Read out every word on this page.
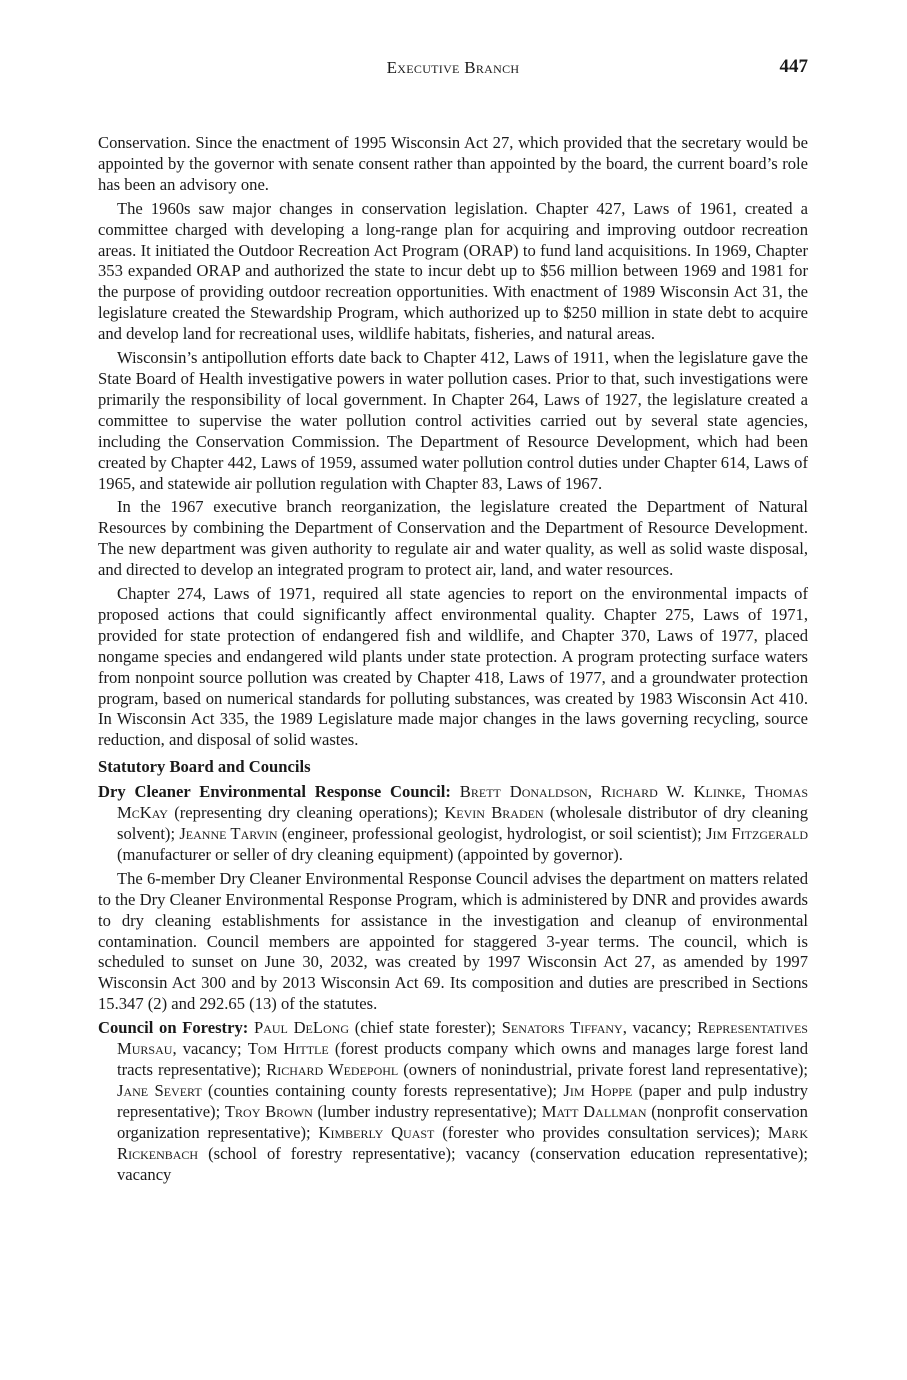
Executive Branch	447

Conservation. Since the enactment of 1995 Wisconsin Act 27, which provided that the secretary would be appointed by the governor with senate consent rather than appointed by the board, the current board’s role has been an advisory one.

The 1960s saw major changes in conservation legislation. Chapter 427, Laws of 1961, created a committee charged with developing a long-range plan for acquiring and improving outdoor recreation areas. It initiated the Outdoor Recreation Act Program (ORAP) to fund land acquisitions. In 1969, Chapter 353 expanded ORAP and authorized the state to incur debt up to $56 million between 1969 and 1981 for the purpose of providing outdoor recreation opportunities. With enactment of 1989 Wisconsin Act 31, the legislature created the Stewardship Program, which authorized up to $250 million in state debt to acquire and develop land for recreational uses, wildlife habitats, fisheries, and natural areas.

Wisconsin’s antipollution efforts date back to Chapter 412, Laws of 1911, when the legislature gave the State Board of Health investigative powers in water pollution cases. Prior to that, such investigations were primarily the responsibility of local government. In Chapter 264, Laws of 1927, the legislature created a committee to supervise the water pollution control activities carried out by several state agencies, including the Conservation Commission. The Department of Resource Development, which had been created by Chapter 442, Laws of 1959, assumed water pollution control duties under Chapter 614, Laws of 1965, and statewide air pollution regulation with Chapter 83, Laws of 1967.

In the 1967 executive branch reorganization, the legislature created the Department of Natural Resources by combining the Department of Conservation and the Department of Resource Development. The new department was given authority to regulate air and water quality, as well as solid waste disposal, and directed to develop an integrated program to protect air, land, and water resources.

Chapter 274, Laws of 1971, required all state agencies to report on the environmental impacts of proposed actions that could significantly affect environmental quality. Chapter 275, Laws of 1971, provided for state protection of endangered fish and wildlife, and Chapter 370, Laws of 1977, placed nongame species and endangered wild plants under state protection. A program protecting surface waters from nonpoint source pollution was created by Chapter 418, Laws of 1977, and a groundwater protection program, based on numerical standards for polluting substances, was created by 1983 Wisconsin Act 410. In Wisconsin Act 335, the 1989 Legislature made major changes in the laws governing recycling, source reduction, and disposal of solid wastes.

Statutory Board and Councils

Dry Cleaner Environmental Response Council: Brett Donaldson, Richard W. Klinke, Thomas McKay (representing dry cleaning operations); Kevin Braden (wholesale distributor of dry cleaning solvent); Jeanne Tarvin (engineer, professional geologist, hydrologist, or soil scientist); Jim Fitzgerald (manufacturer or seller of dry cleaning equipment) (appointed by governor).

The 6-member Dry Cleaner Environmental Response Council advises the department on matters related to the Dry Cleaner Environmental Response Program, which is administered by DNR and provides awards to dry cleaning establishments for assistance in the investigation and cleanup of environmental contamination. Council members are appointed for staggered 3-year terms. The council, which is scheduled to sunset on June 30, 2032, was created by 1997 Wisconsin Act 27, as amended by 1997 Wisconsin Act 300 and by 2013 Wisconsin Act 69. Its composition and duties are prescribed in Sections 15.347 (2) and 292.65 (13) of the statutes.

Council on Forestry: Paul DeLong (chief state forester); Senators Tiffany, vacancy; Representatives Mursau, vacancy; Tom Hittle (forest products company which owns and manages large forest land tracts representative); Richard Wedepohl (owners of nonindustrial, private forest land representative); Jane Severt (counties containing county forests representative); Jim Hoppe (paper and pulp industry representative); Troy Brown (lumber industry representative); Matt Dallman (nonprofit conservation organization representative); Kimberly Quast (forester who provides consultation services); Mark Rickenbach (school of forestry representative); vacancy (conservation education representative); vacancy
